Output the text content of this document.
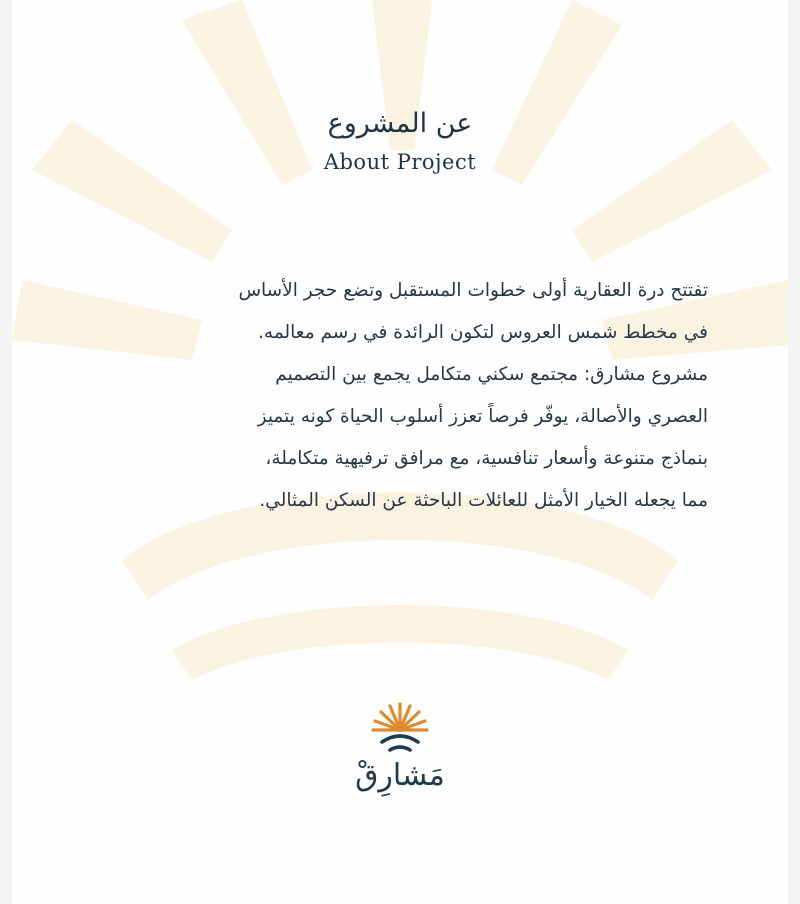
عن المشروع
About Project
تفتتح درة العقارية أولى خطوات المستقبل وتضع حجر الأساس
في مخطط شمس العروس لتكون الرائدة في رسم معالمه.
مشروع مشارق: مجتمع سكني متكامل يجمع بين التصميم
العصري والأصالة، يوفّر فرصاً تعزز أسلوب الحياة كونه يتميز
بنماذج متنوعة وأسعار تنافسية، مع مرافق ترفيهية متكاملة،
مما يجعله الخيار الأمثل للعائلات الباحثة عن السكن المثالي.
مَشارِقْ
